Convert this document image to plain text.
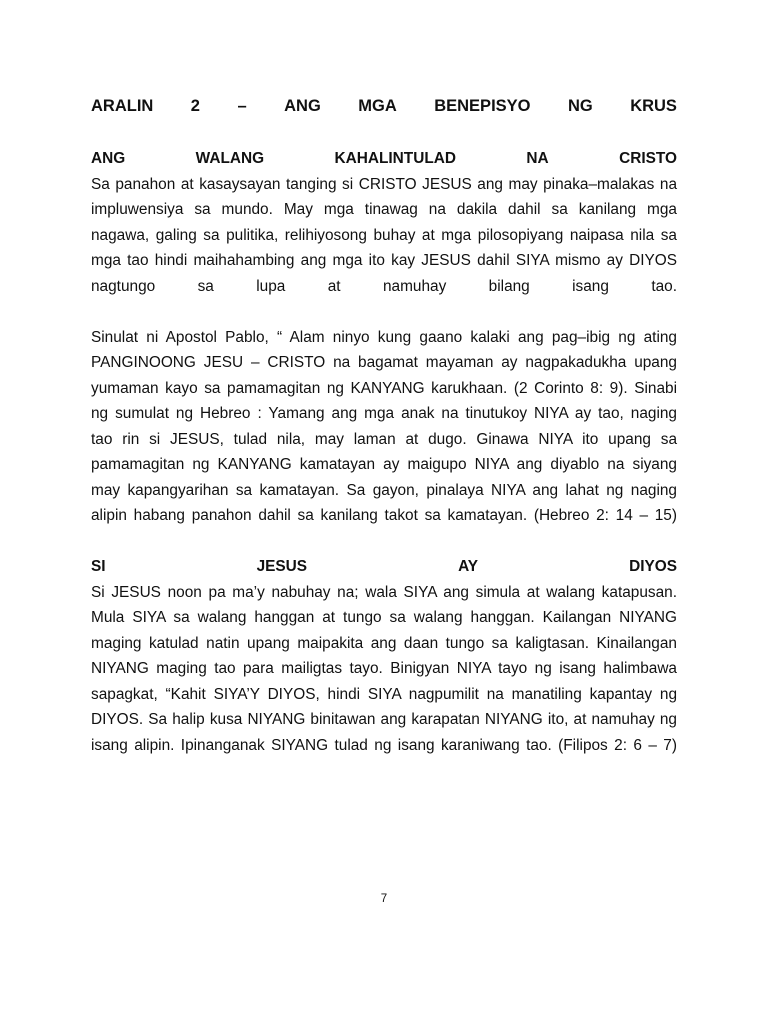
ARALIN 2 – ANG MGA BENEPISYO NG KRUS
ANG	WALANG	KAHALINTULAD	NA	CRISTO

Sa panahon at kasaysayan tanging si CRISTO JESUS ang may pinaka–malakas na
impluwensiya sa mundo. May mga tinawag na dakila dahil sa kanilang mga
nagawa, galing sa pulitika, relihiyosong buhay at mga pilosopiyang naipasa nila sa
mga tao hindi maihahambing ang mga ito kay JESUS dahil SIYA mismo ay DIYOS
nagtungo sa lupa at namuhay bilang isang tao.

Sinulat ni Apostol Pablo, “ Alam ninyo kung gaano kalaki ang pag–ibig ng ating
PANGINOONG JESU – CRISTO na bagamat mayaman ay nagpakadukha upang
yumaman kayo sa pamamagitan ng KANYANG karukhaan. (2 Corinto 8: 9). Sinabi
ng sumulat ng Hebreo : Yamang ang mga anak na tinutukoy NIYA ay tao, naging
tao rin si JESUS, tulad nila, may laman at dugo. Ginawa NIYA ito upang sa
pamamagitan ng KANYANG kamatayan ay maigupo NIYA ang diyablo na siyang
may kapangyarihan sa kamatayan. Sa gayon, pinalaya NIYA ang lahat ng naging
alipin habang panahon dahil sa kanilang takot sa kamatayan. (Hebreo 2: 14 – 15)

SI	JESUS	AY	DIYOS

Si JESUS noon pa ma’y nabuhay na; wala SIYA ang simula at walang katapusan.
Mula SIYA sa walang hanggan at tungo sa walang hanggan. Kailangan NIYANG
maging katulad natin upang maipakita ang daan tungo sa kaligtasan. Kinailangan
NIYANG maging tao para mailigtas tayo. Binigyan NIYA tayo ng isang halimbawa
sapagkat, “Kahit SIYA’Y DIYOS, hindi SIYA nagpumilit na manatiling kapantay ng
DIYOS. Sa halip kusa NIYANG binitawan ang karapatan NIYANG ito, at namuhay ng
isang alipin. Ipinanganak SIYANG tulad ng isang karaniwang tao. (Filipos 2: 6 – 7)

7
